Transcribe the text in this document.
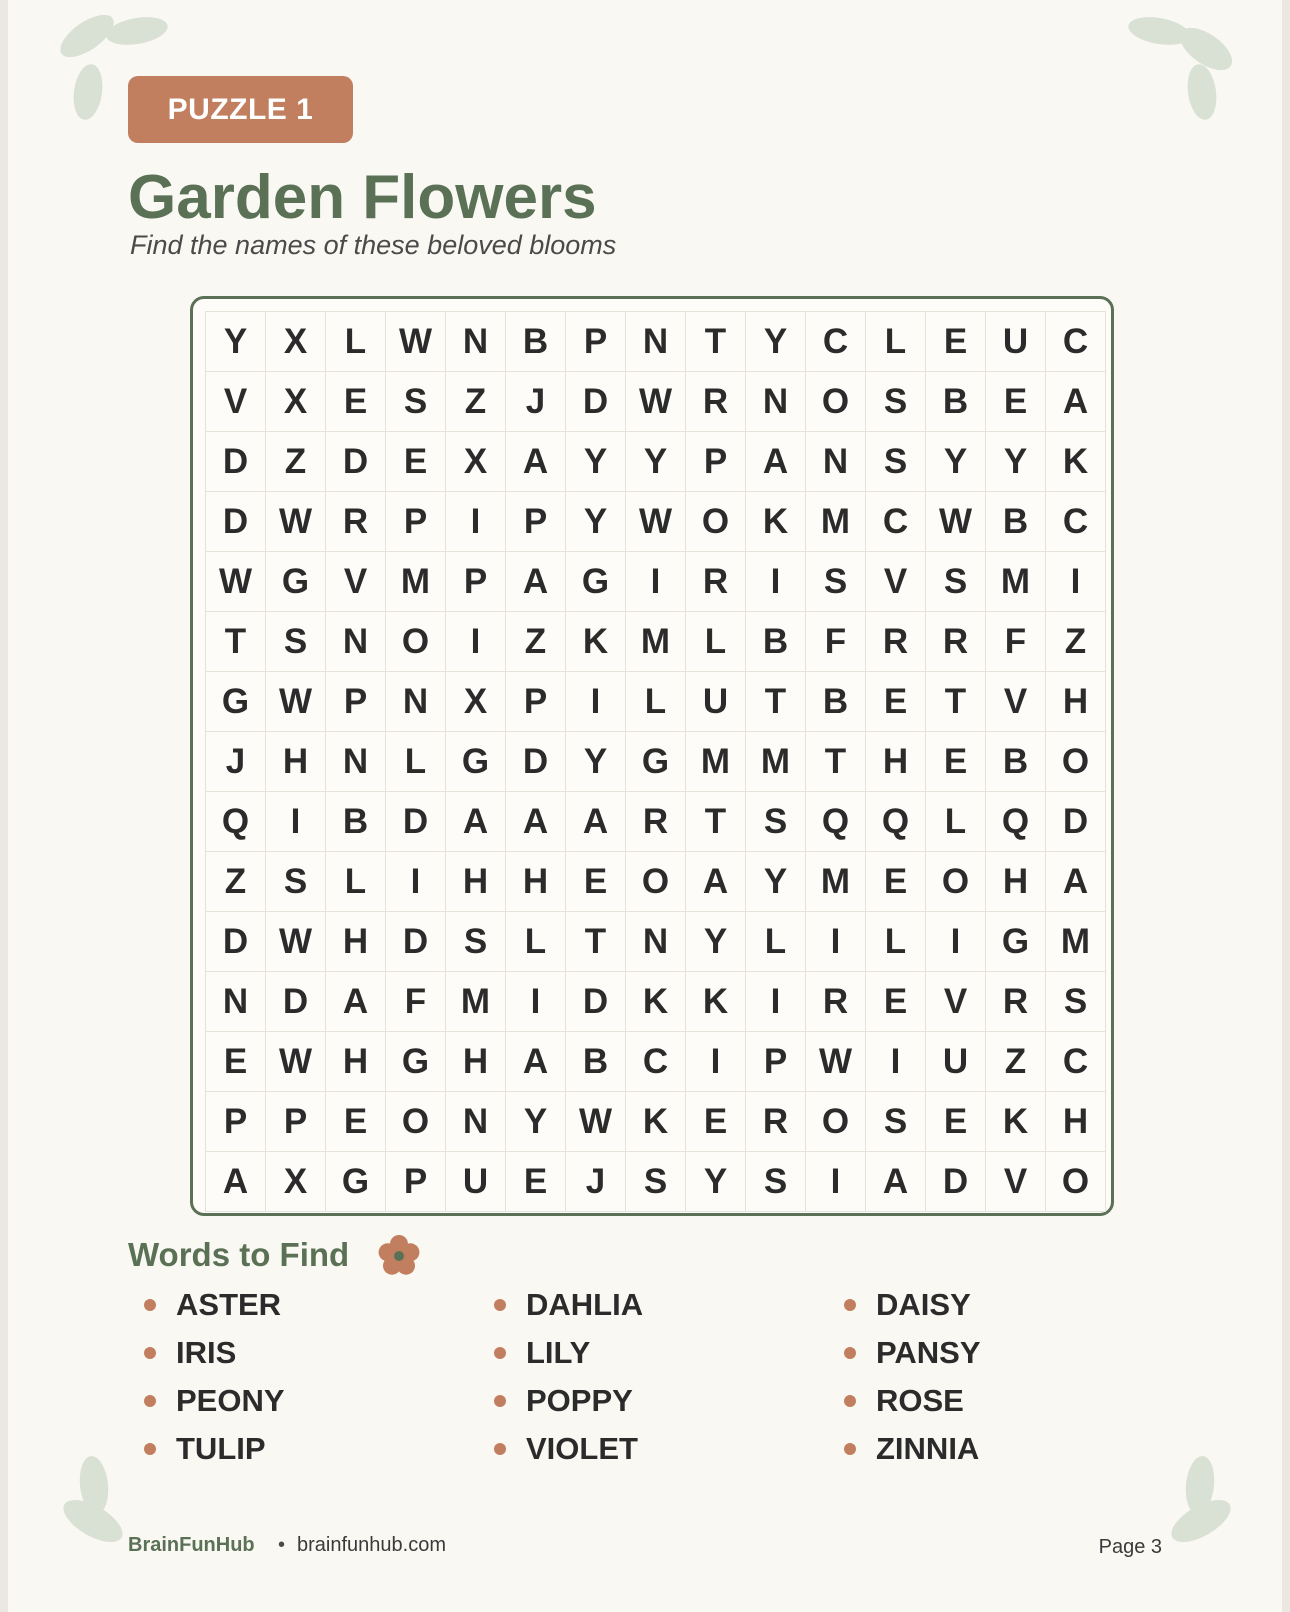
PUZZLE 1
Garden Flowers
Find the names of these beloved blooms
Y	X	L W N B	P	N	T	Y	C	L	E	U C
V	X	E	S	Z	J	D W R N O S	B	E	A
D	Z	D	E	X	A	Y	Y	P	A N	S	Y	Y	K
D W R	P	I	P	Y W O K M C W B C
W G V M P	A G	I	R	I	S	V	S M	I
T	S	N O	I	Z	K M L	B	F	R R	F	Z
G W P	N	X	P	I	L	U	T	B	E	T	V	H
J	H N	L	G D	Y G M M T	H	E	B O
Q	I	B D A A A R	T	S Q Q	L	Q D
Z	S	L	I	H H	E O A	Y M E O H A
D W H D	S	L	T	N	Y	L	I	L	I	G M
N D A	F M	I	D K K	I	R	E	V	R	S
E W H G H A B C	I	P W	I	U	Z	C
P	P	E O N	Y W K	E	R O S	E	K H
A	X G P	U	E	J	S	Y	S	I	A D	V O
Words to Find
ASTER	DAHLIA	DAISY
IRIS	LILY	PANSY
PEONY	POPPY	ROSE
TULIP	VIOLET	ZINNIA
BrainFunHub • brainfunhub.com	Page 3
